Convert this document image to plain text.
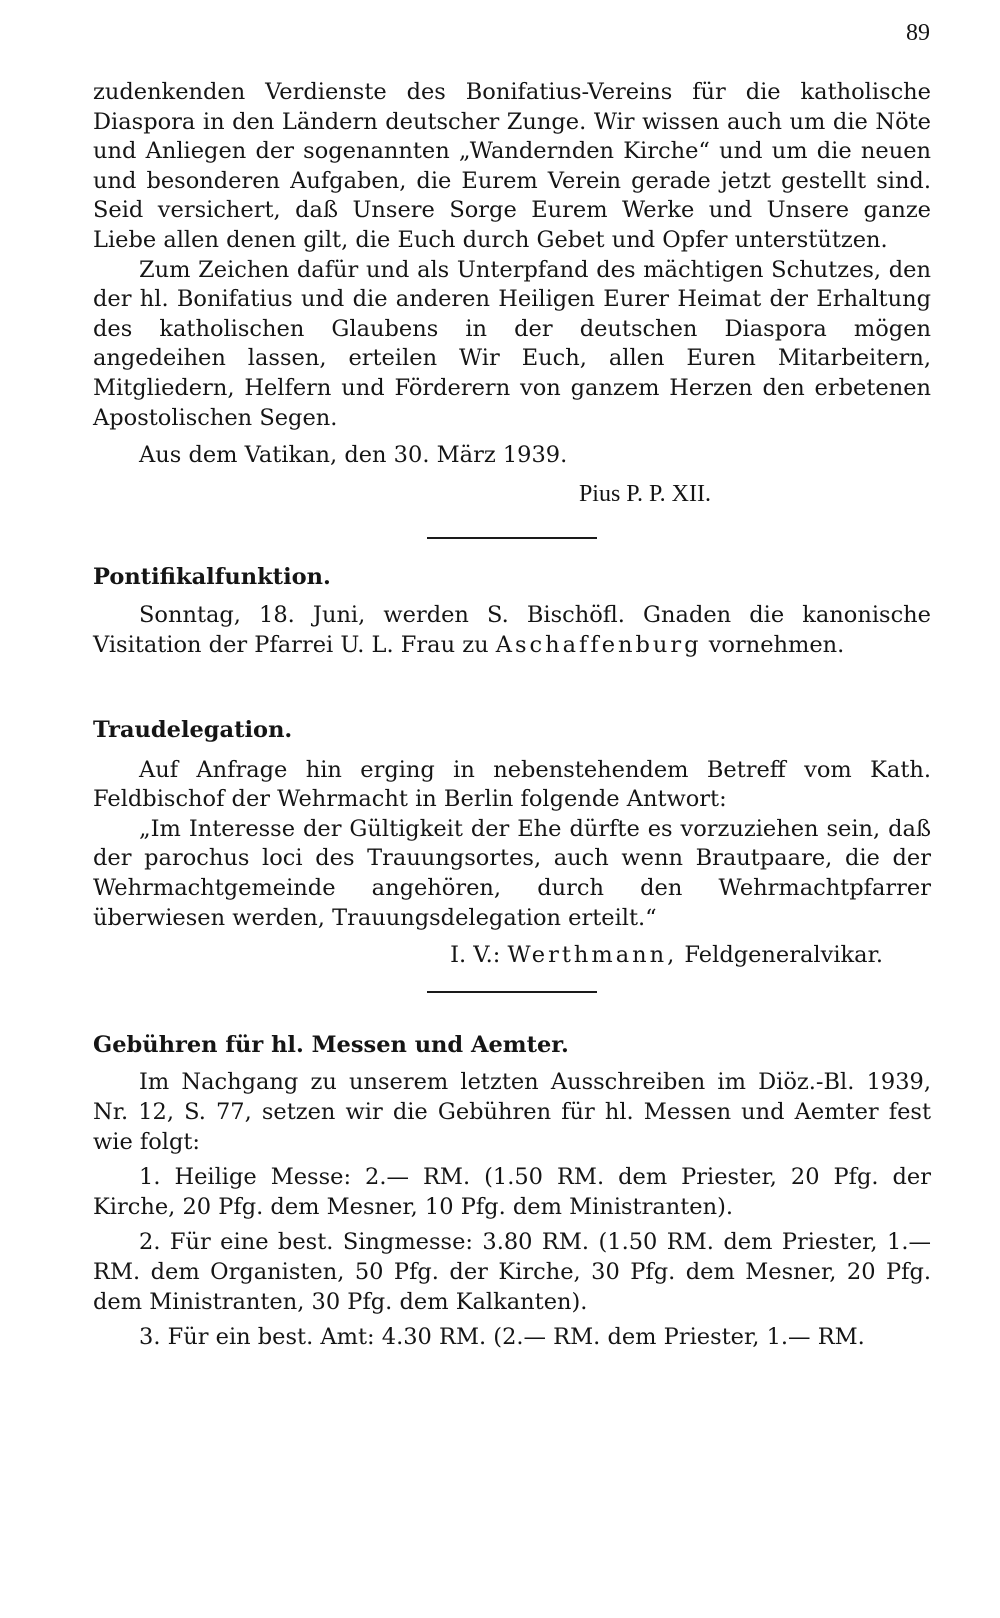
89

zudenkenden Verdienste des Bonifatius-Vereins für die katholische Diaspora in den Ländern deutscher Zunge. Wir wissen auch um die Nöte und Anliegen der sogenannten „Wandernden Kirche“ und um die neuen und besonderen Aufgaben, die Eurem Verein gerade jetzt gestellt sind. Seid versichert, daß Unsere Sorge Eurem Werke und Unsere ganze Liebe allen denen gilt, die Euch durch Gebet und Opfer unterstützen.

Zum Zeichen dafür und als Unterpfand des mächtigen Schutzes, den der hl. Bonifatius und die anderen Heiligen Eurer Heimat der Erhaltung des katholischen Glaubens in der deutschen Diaspora mögen angedeihen lassen, erteilen Wir Euch, allen Euren Mitarbeitern, Mitgliedern, Helfern und Förderern von ganzem Herzen den erbetenen Apostolischen Segen.

Aus dem Vatikan, den 30. März 1939.

Pius P. P. XII.

Pontifikalfunktion.

Sonntag, 18. Juni, werden S. Bischöfl. Gnaden die kanonische Visitation der Pfarrei U. L. Frau zu Aschaffenburg vornehmen.

Traudelegation.

Auf Anfrage hin erging in nebenstehendem Betreff vom Kath. Feldbischof der Wehrmacht in Berlin folgende Antwort:

„Im Interesse der Gültigkeit der Ehe dürfte es vorzuziehen sein, daß der parochus loci des Trauungsortes, auch wenn Brautpaare, die der Wehrmachtgemeinde angehören, durch den Wehrmachtpfarrer überwiesen werden, Trauungsdelegation erteilt.“

I. V.: Werthmann, Feldgeneralvikar.

Gebühren für hl. Messen und Aemter.

Im Nachgang zu unserem letzten Ausschreiben im Diöz.-Bl. 1939, Nr. 12, S. 77, setzen wir die Gebühren für hl. Messen und Aemter fest wie folgt:

1. Heilige Messe: 2.— RM. (1.50 RM. dem Priester, 20 Pfg. der Kirche, 20 Pfg. dem Mesner, 10 Pfg. dem Ministranten).

2. Für eine best. Singmesse: 3.80 RM. (1.50 RM. dem Priester, 1.— RM. dem Organisten, 50 Pfg. der Kirche, 30 Pfg. dem Mesner, 20 Pfg. dem Ministranten, 30 Pfg. dem Kalkanten).

3. Für ein best. Amt: 4.30 RM. (2.— RM. dem Priester, 1.— RM.
